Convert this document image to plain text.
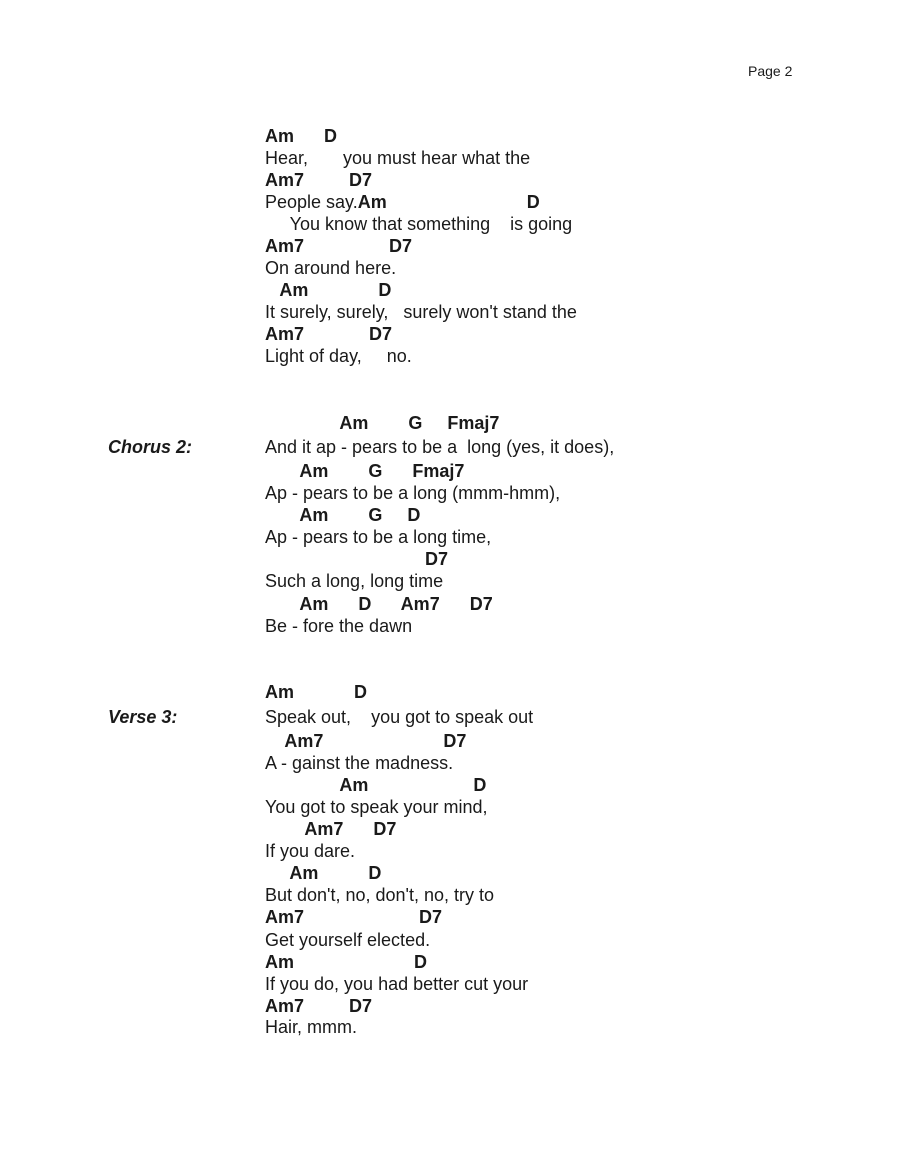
Page 2
Am      D
Hear,       you must hear what the
Am7         D7
People say.Am                            D
You know that something    is going
Am7                 D7
On around here.
Am              D
It surely, surely,   surely won't stand the
Am7             D7
Light of day,     no.
Chorus 2:
Am        G     Fmaj7
And it ap - pears to be a  long (yes, it does),
Am        G      Fmaj7
Ap - pears to be a long (mmm-hmm),
Am        G     D
Ap - pears to be a long time,
D7
Such a long, long time
Am      D      Am7      D7
Be - fore the dawn
Verse 3:
Am            D
Speak out,    you got to speak out
Am7                        D7
A - gainst the madness.
Am                     D
You got to speak your mind,
Am7      D7
If you dare.
Am          D
But don't, no, don't, no, try to
Am7                       D7
Get yourself elected.
Am                        D
If you do, you had better cut your
Am7         D7
Hair, mmm.
